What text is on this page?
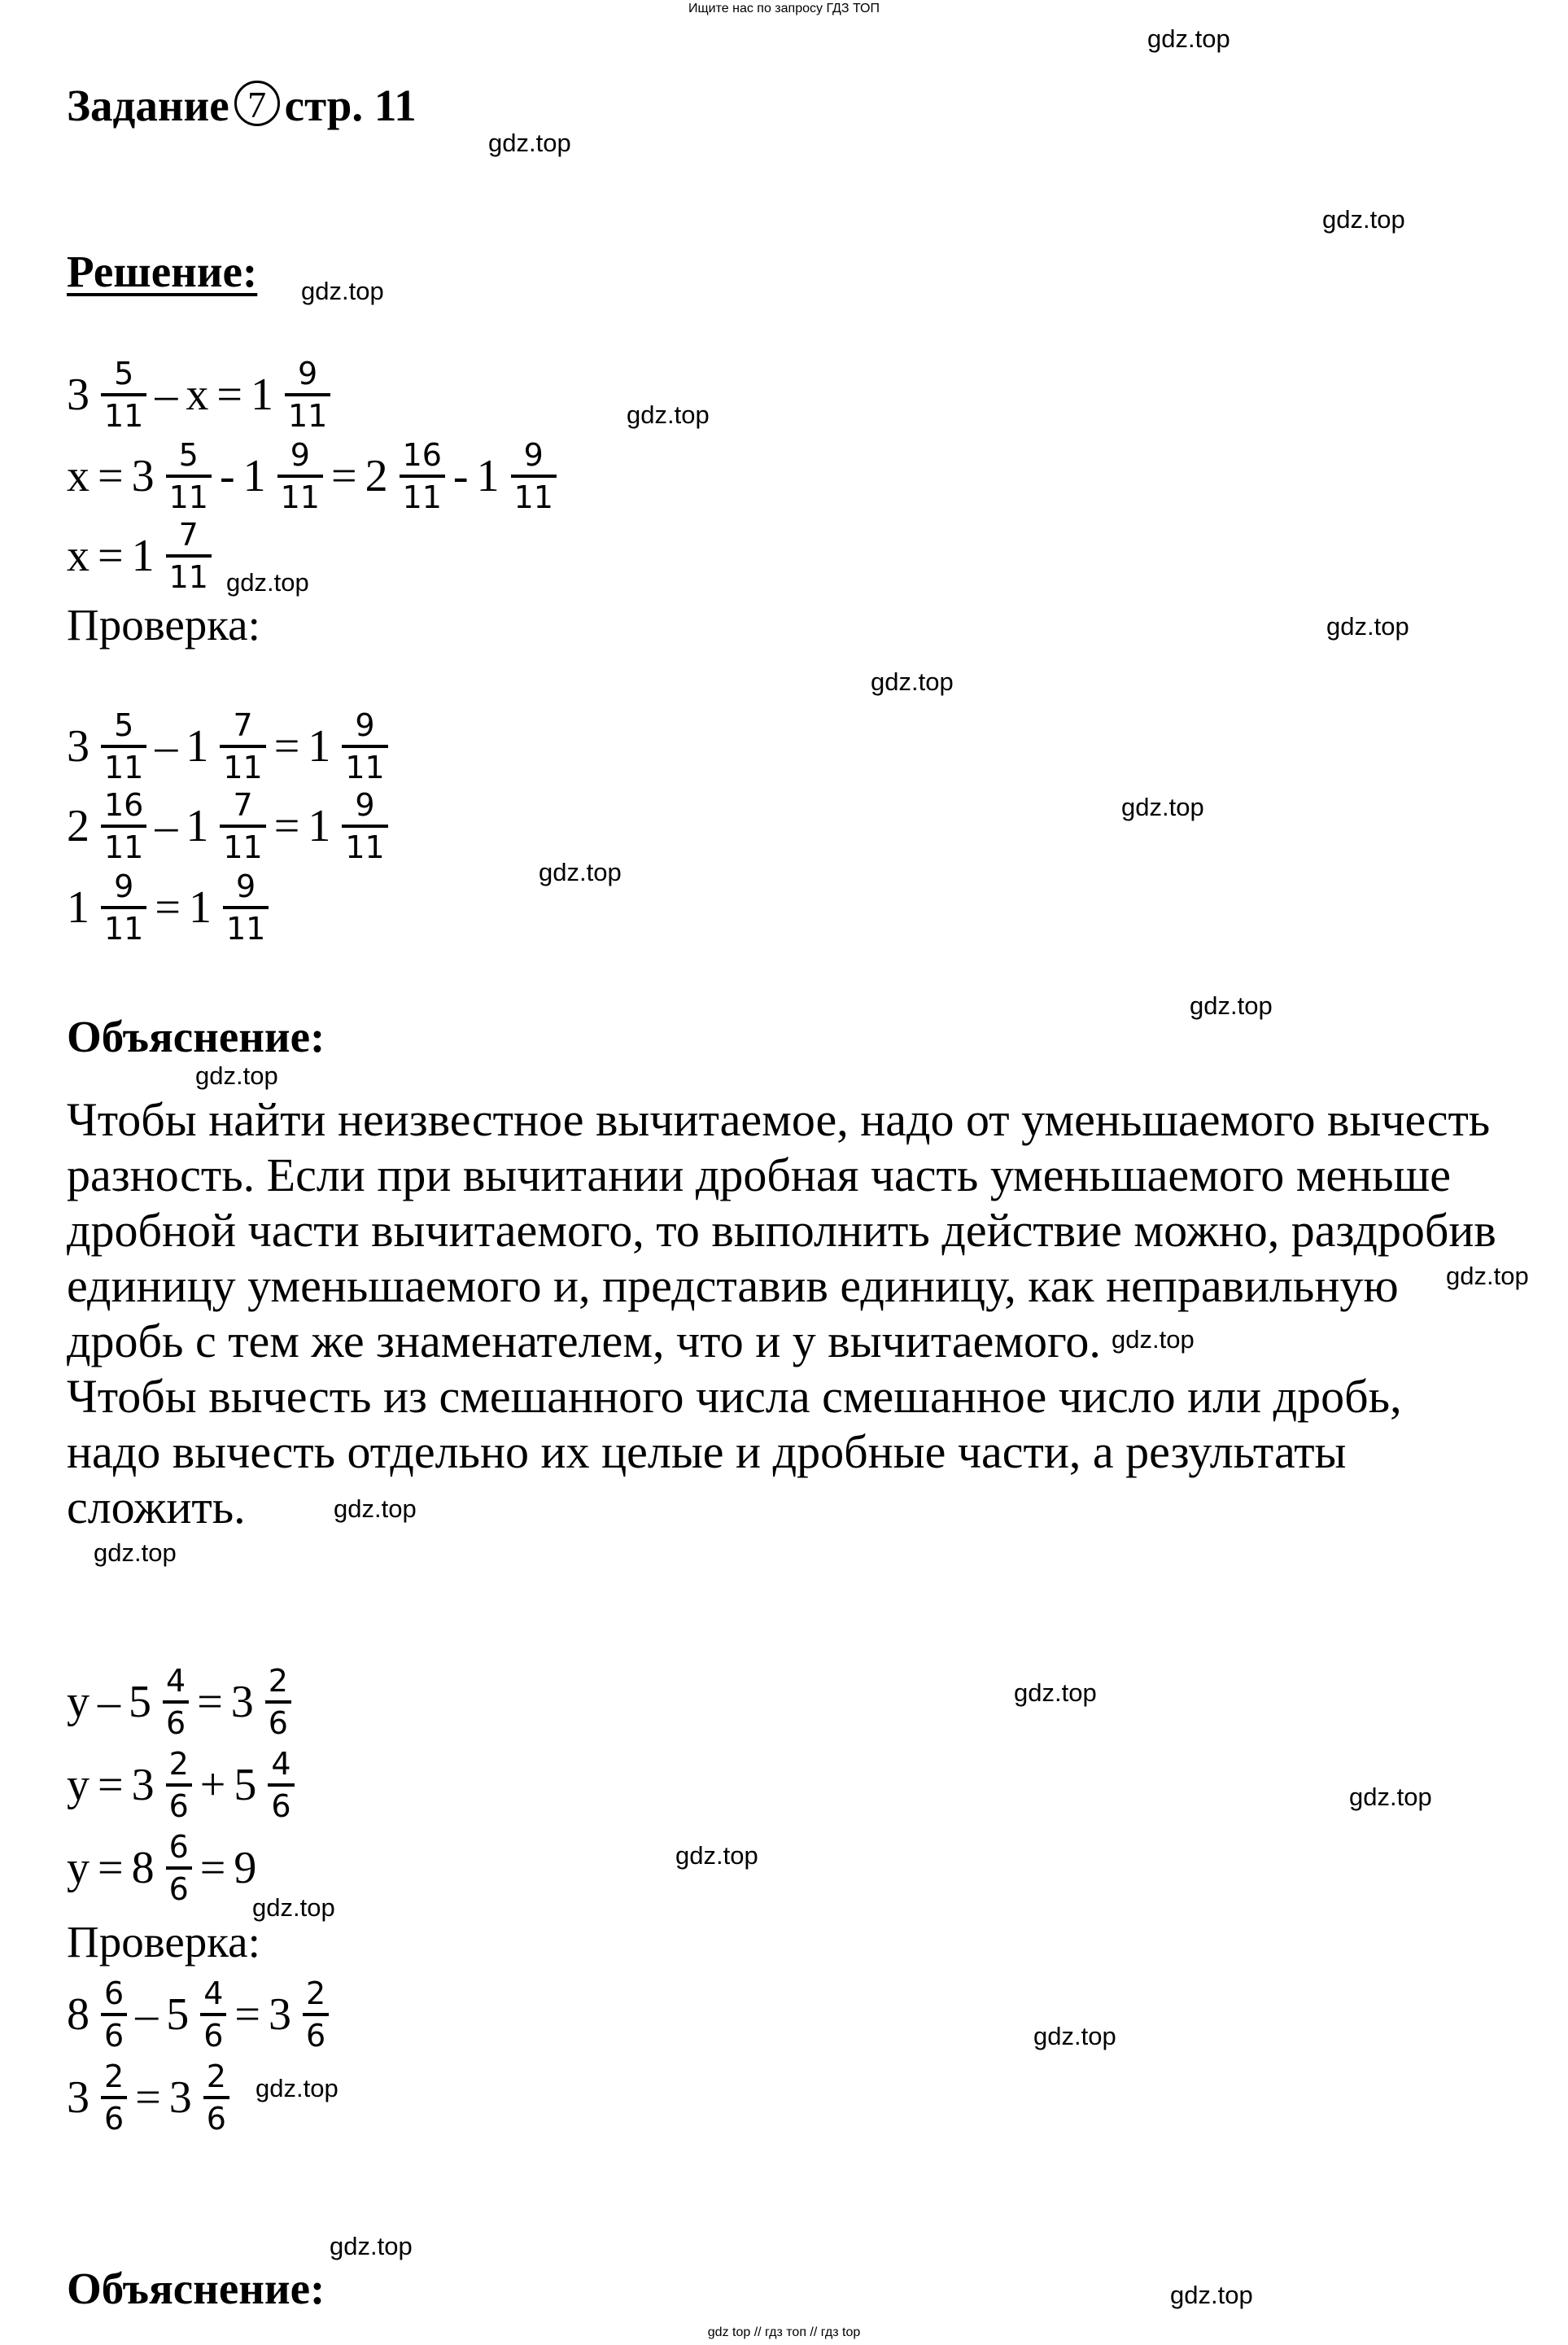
Ищите нас по запросу ГДЗ ТОП
gdz.top
gdz.top
gdz.top
gdz.top
gdz.top
gdz.top
gdz.top
gdz.top
gdz.top
gdz.top
gdz.top
gdz.top
gdz.top
gdz.top
gdz.top
gdz.top
gdz.top
gdz.top
gdz.top
gdz.top
gdz.top
gdz.top
gdz.top
gdz.top
Задание 7 стр. 11
Решение:
$3 \frac{5}{11} - x = 1 \frac{9}{11}$
$x = 3 \frac{5}{11} - 1 \frac{9}{11} = 2 \frac{16}{11} - 1 \frac{9}{11}$
$x = 1 \frac{7}{11}$
Проверка:
$3 \frac{5}{11} - 1 \frac{7}{11} = 1 \frac{9}{11}$
$2 \frac{16}{11} - 1 \frac{7}{11} = 1 \frac{9}{11}$
$1 \frac{9}{11} = 1 \frac{9}{11}$
Объяснение:
Чтобы найти неизвестное вычитаемое, надо от уменьшаемого вычесть
разность. Если при вычитании дробная часть уменьшаемого меньше
дробной части вычитаемого, то выполнить действие можно, раздробив
единицу уменьшаемого и, представив единицу, как неправильную
дробь с тем же знаменателем, что и у вычитаемого.
Чтобы вычесть из смешанного числа смешанное число или дробь,
надо вычесть отдельно их целые и дробные части, а результаты
сложить.
$y - 5 \frac{4}{6} = 3 \frac{2}{6}$
$y = 3 \frac{2}{6} + 5 \frac{4}{6}$
$y = 8 \frac{6}{6} = 9$
Проверка:
$8 \frac{6}{6} - 5 \frac{4}{6} = 3 \frac{2}{6}$
$3 \frac{2}{6} = 3 \frac{2}{6}$
Объяснение:
gdz top // гдз топ // гдз top
